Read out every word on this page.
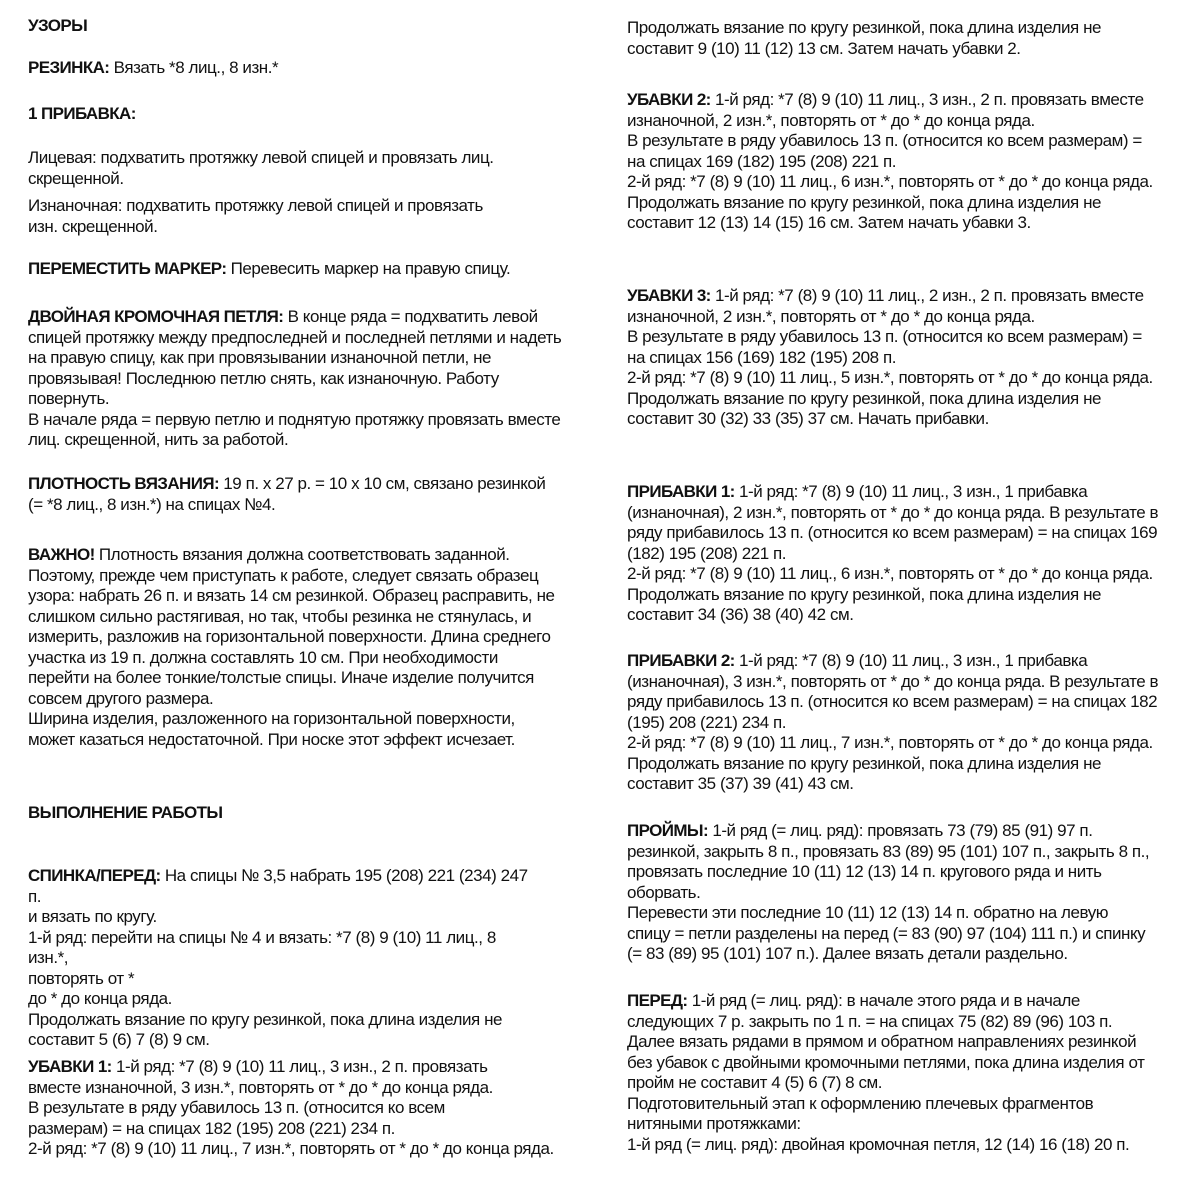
УЗОРЫ
РЕЗИНКА: Вязать *8 лиц., 8 изн.*
1 ПРИБАВКА:
Лицевая: подхватить протяжку левой спицей и провязать лиц. скрещенной.
Изнаночная: подхватить протяжку левой спицей и провязать изн. скрещенной.
ПЕРЕМЕСТИТЬ МАРКЕР: Перевесить маркер на правую спицу.
ДВОЙНАЯ КРОМОЧНАЯ ПЕТЛЯ: В конце ряда = подхватить левой спицей протяжку между предпоследней и последней петлями и надеть на правую спицу, как при провязывании изнаночной петли, не провязывая! Последнюю петлю снять, как изнаночную. Работу повернуть.
В начале ряда = первую петлю и поднятую протяжку провязать вместе лиц. скрещенной, нить за работой.
ПЛОТНОСТЬ ВЯЗАНИЯ: 19 п. х 27 р. = 10 х 10 см, связано резинкой (= *8 лиц., 8 изн.*) на спицах №4.
ВАЖНО! Плотность вязания должна соответствовать заданной. Поэтому, прежде чем приступать к работе, следует связать образец узора: набрать 26 п. и вязать 14 см резинкой. Образец расправить, не слишком сильно растягивая, но так, чтобы резинка не стянулась, и измерить, разложив на горизонтальной поверхности. Длина среднего участка из 19 п. должна составлять 10 см. При необходимости перейти на более тонкие/толстые спицы. Иначе изделие получится совсем другого размера.
Ширина изделия, разложенного на горизонтальной поверхности, может казаться недостаточной. При носке этот эффект исчезает.
ВЫПОЛНЕНИЕ РАБОТЫ
СПИНКА/ПЕРЕД: На спицы № 3,5 набрать 195 (208) 221 (234) 247 п.
и вязать по кругу.
1-й ряд: перейти на спицы № 4 и вязать: *7 (8) 9 (10) 11 лиц., 8 изн.*,
повторять от *
до * до конца ряда.
Продолжать вязание по кругу резинкой, пока длина изделия не составит 5 (6) 7 (8) 9 см.
УБАВКИ 1: 1-й ряд: *7 (8) 9 (10) 11 лиц., 3 изн., 2 п. провязать вместе изнаночной, 3 изн.*, повторять от * до * до конца ряда.
В результате в ряду убавилось 13 п. (относится ко всем размерам) = на спицах 182 (195) 208 (221) 234 п.
2-й ряд: *7 (8) 9 (10) 11 лиц., 7 изн.*, повторять от * до * до конца ряда.
Продолжать вязание по кругу резинкой, пока длина изделия не составит 9 (10) 11 (12) 13 см. Затем начать убавки 2.
УБАВКИ 2: 1-й ряд: *7 (8) 9 (10) 11 лиц., 3 изн., 2 п. провязать вместе изнаночной, 2 изн.*, повторять от * до * до конца ряда.
В результате в ряду убавилось 13 п. (относится ко всем размерам) = на спицах 169 (182) 195 (208) 221 п.
2-й ряд: *7 (8) 9 (10) 11 лиц., 6 изн.*, повторять от * до * до конца ряда.
Продолжать вязание по кругу резинкой, пока длина изделия не составит 12 (13) 14 (15) 16 см. Затем начать убавки 3.
УБАВКИ 3: 1-й ряд: *7 (8) 9 (10) 11 лиц., 2 изн., 2 п. провязать вместе изнаночной, 2 изн.*, повторять от * до * до конца ряда.
В результате в ряду убавилось 13 п. (относится ко всем размерам) = на спицах 156 (169) 182 (195) 208 п.
2-й ряд: *7 (8) 9 (10) 11 лиц., 5 изн.*, повторять от * до * до конца ряда.
Продолжать вязание по кругу резинкой, пока длина изделия не составит 30 (32) 33 (35) 37 см. Начать прибавки.
ПРИБАВКИ 1: 1-й ряд: *7 (8) 9 (10) 11 лиц., 3 изн., 1 прибавка (изнаночная), 2 изн.*, повторять от * до * до конца ряда. В результате в ряду прибавилось 13 п. (относится ко всем размерам) = на спицах 169 (182) 195 (208) 221 п.
2-й ряд: *7 (8) 9 (10) 11 лиц., 6 изн.*, повторять от * до * до конца ряда.
Продолжать вязание по кругу резинкой, пока длина изделия не составит 34 (36) 38 (40) 42 см.
ПРИБАВКИ 2: 1-й ряд: *7 (8) 9 (10) 11 лиц., 3 изн., 1 прибавка (изнаночная), 3 изн.*, повторять от * до * до конца ряда. В результате в ряду прибавилось 13 п. (относится ко всем размерам) = на спицах 182 (195) 208 (221) 234 п.
2-й ряд: *7 (8) 9 (10) 11 лиц., 7 изн.*, повторять от * до * до конца ряда.
Продолжать вязание по кругу резинкой, пока длина изделия не составит 35 (37) 39 (41) 43 см.
ПРОЙМЫ: 1-й ряд (= лиц. ряд): провязать 73 (79) 85 (91) 97 п. резинкой, закрыть 8 п., провязать 83 (89) 95 (101) 107 п., закрыть 8 п., провязать последние 10 (11) 12 (13) 14 п. кругового ряда и нить оборвать.
Перевести эти последние 10 (11) 12 (13) 14 п. обратно на левую спицу = петли разделены на перед (= 83 (90) 97 (104) 111 п.) и спинку (= 83 (89) 95 (101) 107 п.). Далее вязать детали раздельно.
ПЕРЕД: 1-й ряд (= лиц. ряд): в начале этого ряда и в начале следующих 7 р. закрыть по 1 п. = на спицах 75 (82) 89 (96) 103 п.
Далее вязать рядами в прямом и обратном направлениях резинкой
без убавок с двойными кромочными петлями, пока длина изделия от пройм не составит 4 (5) 6 (7) 8 см.
Подготовительный этап к оформлению плечевых фрагментов нитяными протяжками:
1-й ряд (= лиц. ряд): двойная кромочная петля, 12 (14) 16 (18) 20 п.
